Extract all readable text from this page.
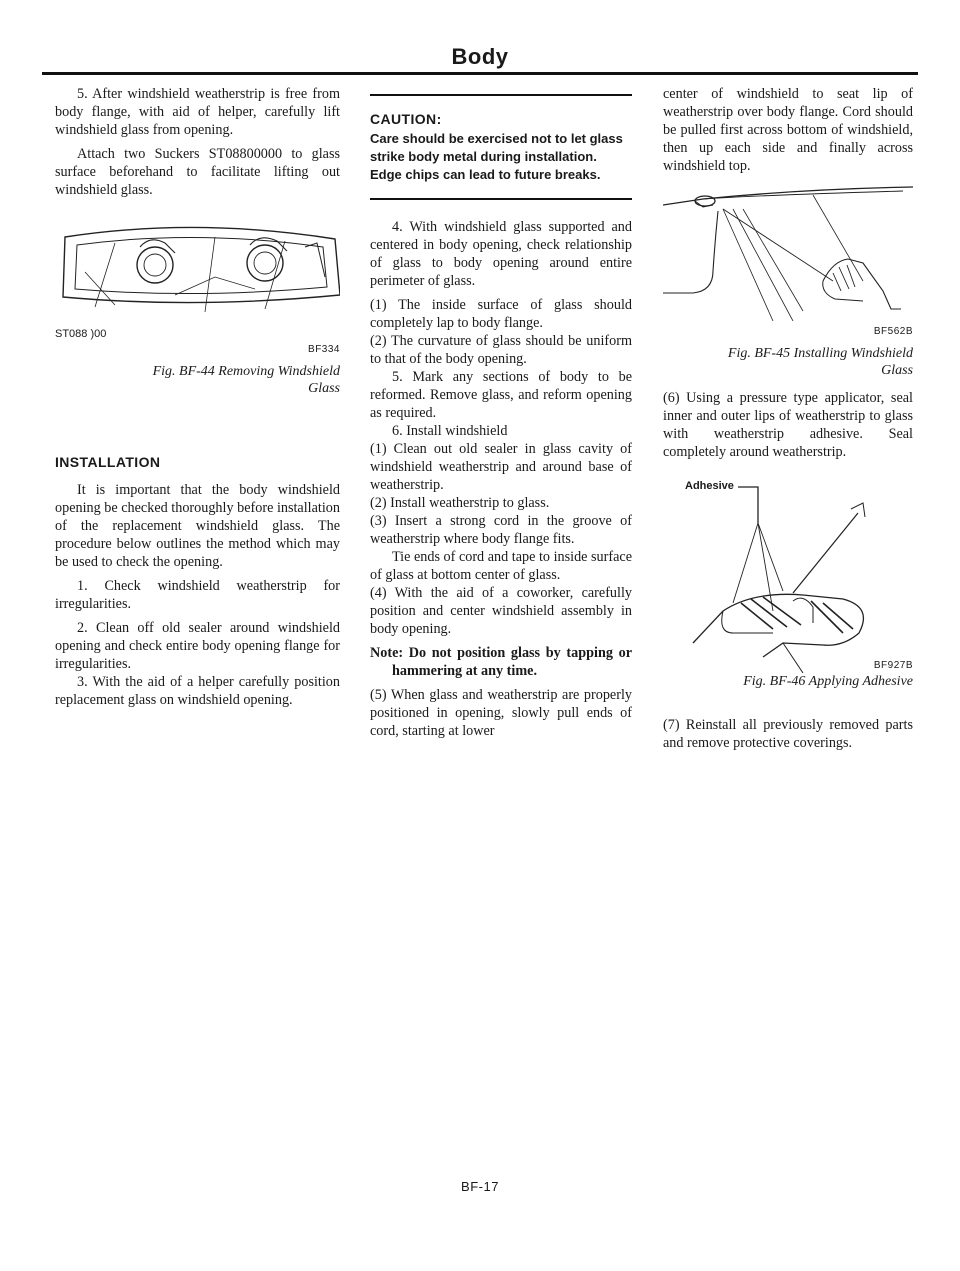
Body

5. After windshield weatherstrip is free from body flange, with aid of helper, carefully lift windshield glass from opening.

Attach two Suckers ST08800000 to glass surface beforehand to facilitate lifting out windshield glass.

ST088 )00
BF334
Fig. BF-44 Removing Windshield
Glass
INSTALLATION

It is important that the body windshield opening be checked thoroughly before installation of the replacement windshield glass. The procedure below outlines the method which may be used to check the opening.

1. Check windshield weatherstrip for irregularities.

2. Clean off old sealer around windshield opening and check entire body opening flange for irregularities.

3. With the aid of a helper carefully position replacement glass on windshield opening.

CAUTION:
Care should be exercised not to let glass strike body metal during installation. Edge chips can lead to future breaks.

4. With windshield glass supported and centered in body opening, check relationship of glass to body opening around entire perimeter of glass.

(1) The inside surface of glass should completely lap to body flange.

(2) The curvature of glass should be uniform to that of the body opening.

5. Mark any sections of body to be reformed. Remove glass, and reform opening as required.

6. Install windshield

(1) Clean out old sealer in glass cavity of windshield weatherstrip and around base of weatherstrip.

(2) Install weatherstrip to glass.

(3) Insert a strong cord in the groove of weatherstrip where body flange fits.

Tie ends of cord and tape to inside surface of glass at bottom center of glass.

(4) With the aid of a coworker, carefully position and center windshield assembly in body opening.

Note: Do not position glass by tapping or hammering at any time.

(5) When glass and weatherstrip are properly positioned in opening, slowly pull ends of cord, starting at lower

center of windshield to seat lip of weatherstrip over body flange. Cord should be pulled first across bottom of windshield, then up each side and finally across windshield top.

BF562B
Fig. BF-45 Installing Windshield
Glass

(6) Using a pressure type applicator, seal inner and outer lips of weatherstrip to glass with weatherstrip adhesive. Seal completely around weatherstrip.

Adhesive
BF927B
Fig. BF-46 Applying Adhesive

(7) Reinstall all previously removed parts and remove protective coverings.

BF-17
